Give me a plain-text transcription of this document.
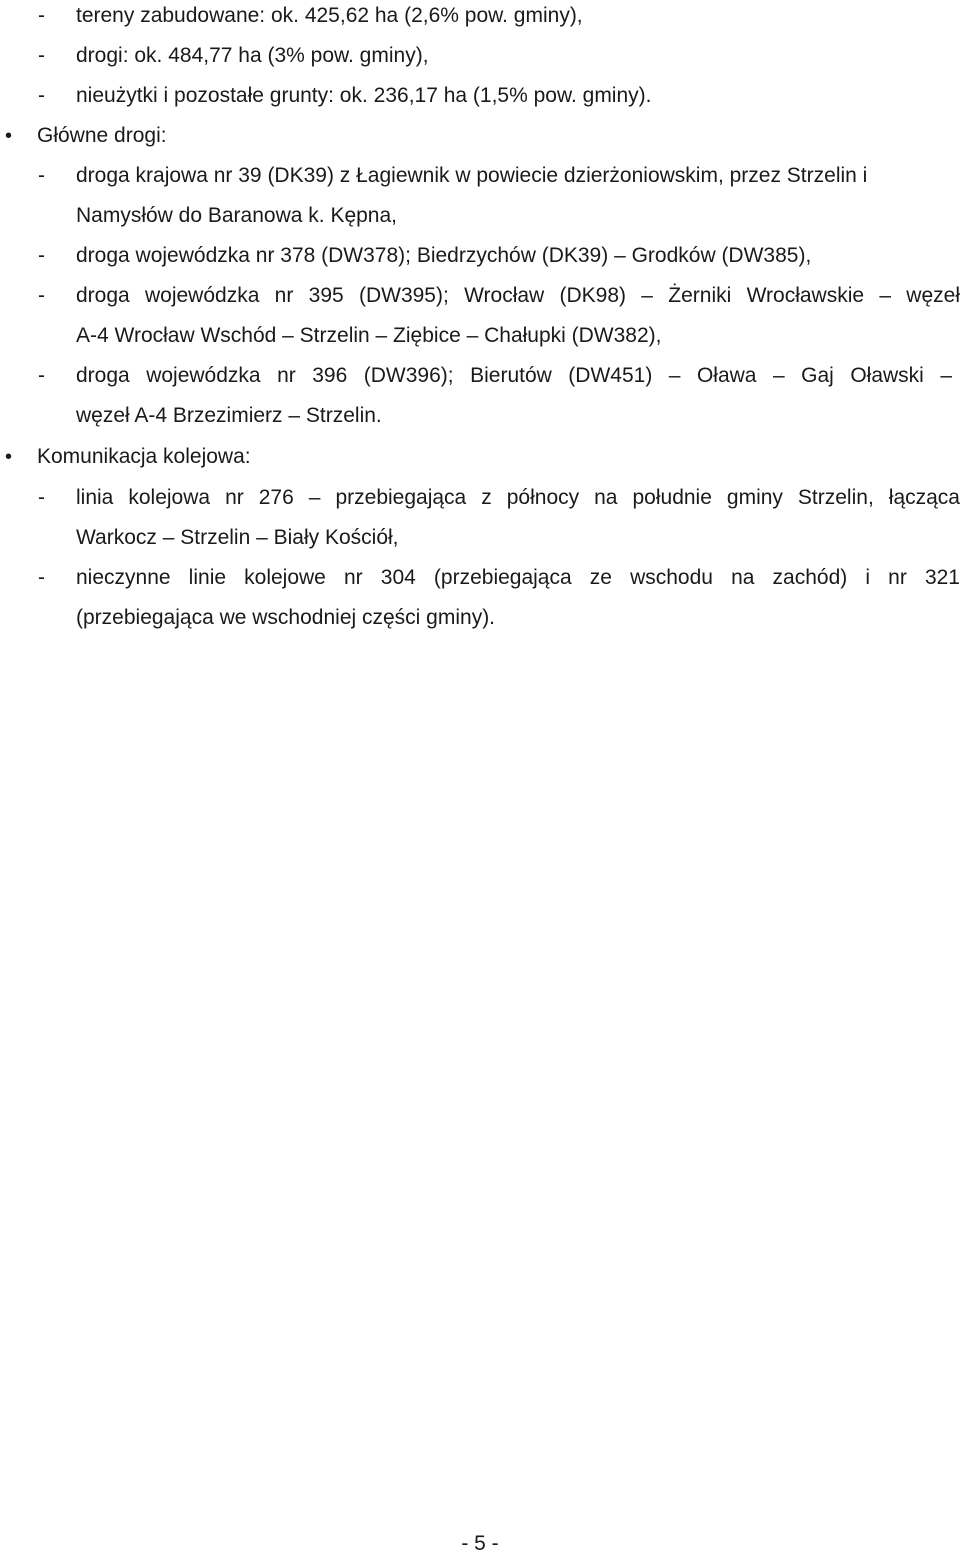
- tereny zabudowane: ok. 425,62 ha (2,6% pow. gminy),
- drogi: ok. 484,77 ha (3% pow. gminy),
- nieużytki i pozostałe grunty: ok. 236,17 ha (1,5% pow. gminy).
• Główne drogi:
- droga krajowa nr 39 (DK39) z Łagiewnik w powiecie dzierżoniowskim, przez Strzelin i
Namysłów do Baranowa k. Kępna,
- droga wojewódzka nr 378 (DW378); Biedrzychów (DK39) – Grodków (DW385),
- droga wojewódzka nr 395 (DW395); Wrocław (DK98) – Żerniki Wrocławskie – węzeł
A-4 Wrocław Wschód – Strzelin – Ziębice – Chałupki (DW382),
- droga wojewódzka nr 396 (DW396); Bierutów (DW451) – Oława – Gaj Oławski –
węzeł A-4 Brzezimierz – Strzelin.
• Komunikacja kolejowa:
- linia kolejowa nr 276 – przebiegająca z północy na południe gminy Strzelin, łącząca
Warkocz – Strzelin – Biały Kościół,
- nieczynne linie kolejowe nr 304 (przebiegająca ze wschodu na zachód) i nr 321
(przebiegająca we wschodniej części gminy).
- 5 -
